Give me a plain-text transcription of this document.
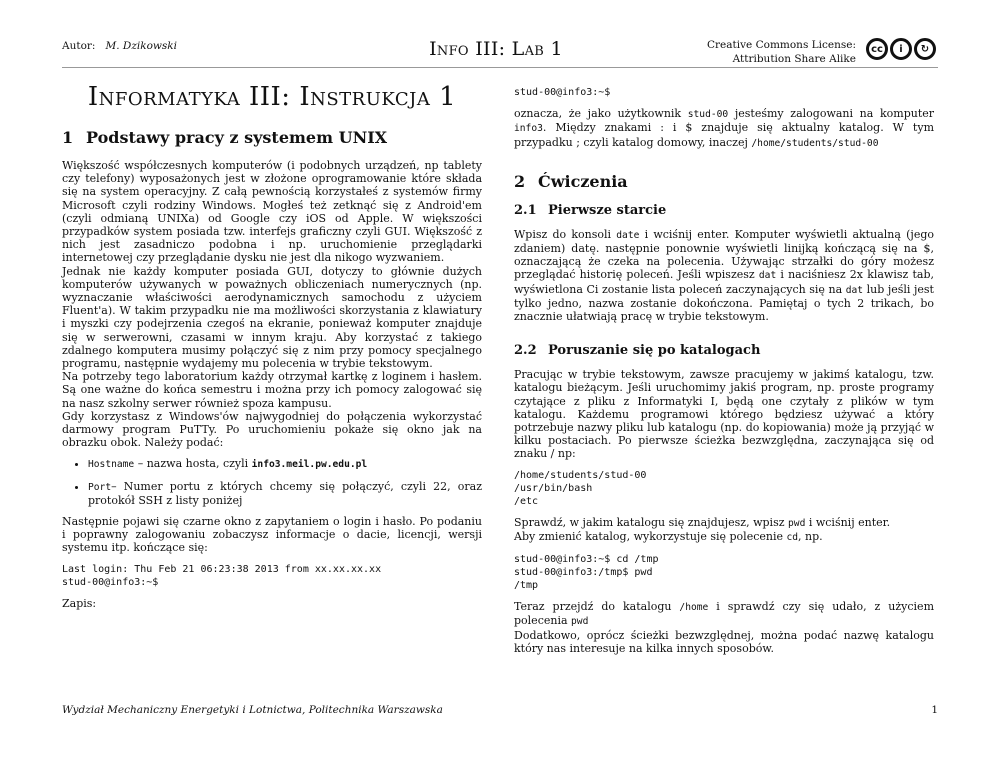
Autor: M. Dzikowski	Info III: Lab 1	Creative Commons License:
Attribution Share Alike
cc	i	↻
Informatyka III: Instrukcja 1
1 Podstawy pracy z systemem UNIX

Większość współczesnych komputerów (i podobnych urządzeń, np tablety czy telefony) wyposażonych jest w złożone oprogramowanie które składa się na system operacyjny. Z całą pewnością korzystałeś z systemów firmy Microsoft czyli rodziny Windows. Mogłeś też zetknąć się z Android'em (czyli odmianą UNIXa) od Google czy iOS od Apple. W większości przypadków system posiada tzw. interfejs graficzny czyli GUI. Większość z nich jest zasadniczo podobna i np. uruchomienie przeglądarki internetowej czy przeglądanie dysku nie jest dla nikogo wyzwaniem.

Jednak nie każdy komputer posiada GUI, dotyczy to głównie dużych komputerów używanych w poważnych obliczeniach numerycznych (np. wyznaczanie właściwości aerodynamicznych samochodu z użyciem Fluent'a). W takim przypadku nie ma możliwości skorzystania z klawiatury i myszki czy podejrzenia czegoś na ekranie, ponieważ komputer znajduje się w serwerowni, czasami w innym kraju. Aby korzystać z takiego zdalnego komputera musimy połączyć się z nim przy pomocy specjalnego programu, następnie wydajemy mu polecenia w trybie tekstowym.

Na potrzeby tego laboratorium każdy otrzymał kartkę z loginem i hasłem. Są one ważne do końca semestru i można przy ich pomocy zalogować się na nasz szkolny serwer również spoza kampusu.

Gdy korzystasz z Windows'ów najwygodniej do połączenia wykorzystać darmowy program PuTTy. Po uruchomieniu pokaże się okno jak na obrazku obok. Należy podać:

• Hostname – nazwa hosta, czyli info3.meil.pw.edu.pl
• Port– Numer portu z których chcemy się połączyć, czyli 22, oraz protokół SSH z listy poniżej

Następnie pojawi się czarne okno z zapytaniem o login i hasło. Po podaniu i poprawny zalogowaniu zobaczysz informacje o dacie, licencji, wersji systemu itp. kończące się:

Last login: Thu Feb 21 06:23:38 2013 from xx.xx.xx.xx
stud-00@info3:~$

Zapis:

stud-00@info3:~$

oznacza, że jako użytkownik stud-00 jesteśmy zalogowani na komputer info3. Między znakami : i $ znajduje się aktualny katalog. W tym przypadku ; czyli katalog domowy, inaczej /home/students/stud-00

2 Ćwiczenia
2.1 Pierwsze starcie

Wpisz do konsoli date i wciśnij enter. Komputer wyświetli aktualną (jego zdaniem) datę. następnie ponownie wyświetli linijką kończącą się na $, oznaczającą że czeka na polecenia. Używając strzałki do góry możesz przeglądać historię poleceń. Jeśli wpiszesz dat i naciśniesz 2x klawisz tab, wyświetlona Ci zostanie lista poleceń zaczynających się na dat lub jeśli jest tylko jedno, nazwa zostanie dokończona. Pamiętaj o tych 2 trikach, bo znacznie ułatwiają pracę w trybie tekstowym.

2.2 Poruszanie się po katalogach

Pracując w trybie tekstowym, zawsze pracujemy w jakimś katalogu, tzw. katalogu bieżącym. Jeśli uruchomimy jakiś program, np. proste programy czytające z pliku z Informatyki I, będą one czytały z plików w tym katalogu. Każdemu programowi którego będziesz używać a który potrzebuje nazwy pliku lub katalogu (np. do kopiowania) może ją przyjąć w kilku postaciach. Po pierwsze ścieżka bezwzględna, zaczynająca się od znaku / np:

/home/students/stud-00
/usr/bin/bash
/etc

Sprawdź, w jakim katalogu się znajdujesz, wpisz pwd i wciśnij enter.

Aby zmienić katalog, wykorzystuje się polecenie cd, np.

stud-00@info3:~$ cd /tmp
stud-00@info3:/tmp$ pwd
/tmp

Teraz przejdź do katalogu /home i sprawdź czy się udało, z użyciem polecenia pwd

Dodatkowo, oprócz ścieżki bezwzględnej, można podać nazwę katalogu który nas interesuje na kilka innych sposobów.

Wydział Mechaniczny Energetyki i Lotnictwa, Politechnika Warszawska	1
